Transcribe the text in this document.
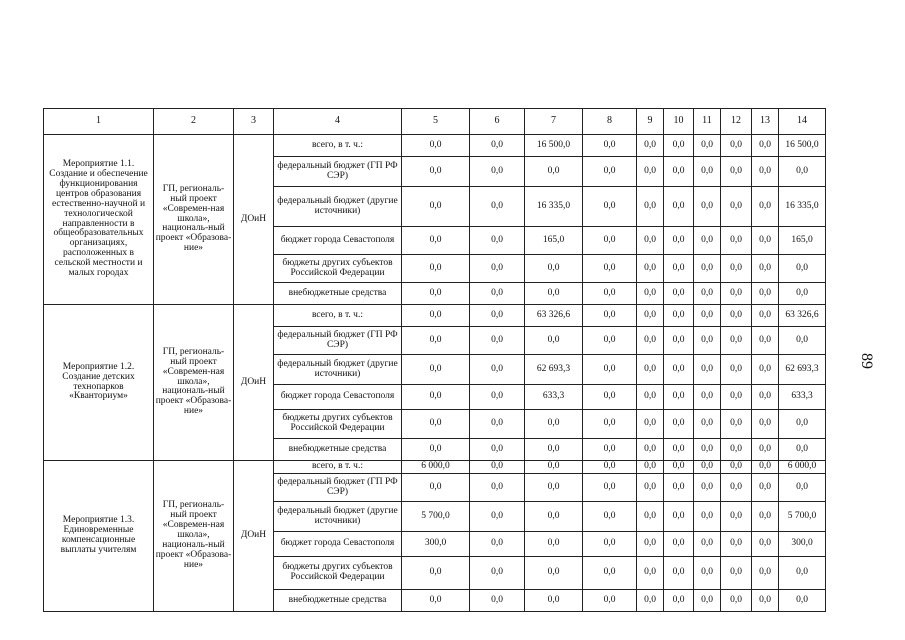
89
1	2	3	4	5	6	7	8	9	10	11	12	13	14
Мероприятие 1.1. Создание и обеспечение функционирования центров образования естественно-научной и технологической направленности в общеобразовательных организациях, расположенных в сельской местности и малых городах	ГП, региональ-ный проект «Современ-ная школа», националь-ный проект «Образова-ние»	ДОиН	всего, в т. ч.:	0,0	0,0	16 500,0	0,0	0,0	0,0	0,0	0,0	0,0	16 500,0
			федеральный бюджет (ГП РФ СЭР)	0,0	0,0	0,0	0,0	0,0	0,0	0,0	0,0	0,0	0,0
			федеральный бюджет (другие источники)	0,0	0,0	16 335,0	0,0	0,0	0,0	0,0	0,0	0,0	16 335,0
			бюджет города Севастополя	0,0	0,0	165,0	0,0	0,0	0,0	0,0	0,0	0,0	165,0
			бюджеты других субъектов Российской Федерации	0,0	0,0	0,0	0,0	0,0	0,0	0,0	0,0	0,0	0,0
			внебюджетные средства	0,0	0,0	0,0	0,0	0,0	0,0	0,0	0,0	0,0	0,0
Мероприятие 1.2. Создание детских технопарков «Кванториум»	ГП, региональ-ный проект «Современ-ная школа», националь-ный проект «Образова-ние»	ДОиН	всего, в т. ч.:	0,0	0,0	63 326,6	0,0	0,0	0,0	0,0	0,0	0,0	63 326,6
			федеральный бюджет (ГП РФ СЭР)	0,0	0,0	0,0	0,0	0,0	0,0	0,0	0,0	0,0	0,0
			федеральный бюджет (другие источники)	0,0	0,0	62 693,3	0,0	0,0	0,0	0,0	0,0	0,0	62 693,3
			бюджет города Севастополя	0,0	0,0	633,3	0,0	0,0	0,0	0,0	0,0	0,0	633,3
			бюджеты других субъектов Российской Федерации	0,0	0,0	0,0	0,0	0,0	0,0	0,0	0,0	0,0	0,0
			внебюджетные средства	0,0	0,0	0,0	0,0	0,0	0,0	0,0	0,0	0,0	0,0
Мероприятие 1.3. Единовременные компенсационные выплаты учителям	ГП, региональ-ный проект «Современ-ная школа», националь-ный проект «Образова-ние»	ДОиН	всего, в т. ч.:	6 000,0	0,0	0,0	0,0	0,0	0,0	0,0	0,0	0,0	6 000,0
			федеральный бюджет (ГП РФ СЭР)	0,0	0,0	0,0	0,0	0,0	0,0	0,0	0,0	0,0	0,0
			федеральный бюджет (другие источники)	5 700,0	0,0	0,0	0,0	0,0	0,0	0,0	0,0	0,0	5 700,0
			бюджет города Севастополя	300,0	0,0	0,0	0,0	0,0	0,0	0,0	0,0	0,0	300,0
			бюджеты других субъектов Российской Федерации	0,0	0,0	0,0	0,0	0,0	0,0	0,0	0,0	0,0	0,0
			внебюджетные средства	0,0	0,0	0,0	0,0	0,0	0,0	0,0	0,0	0,0	0,0
